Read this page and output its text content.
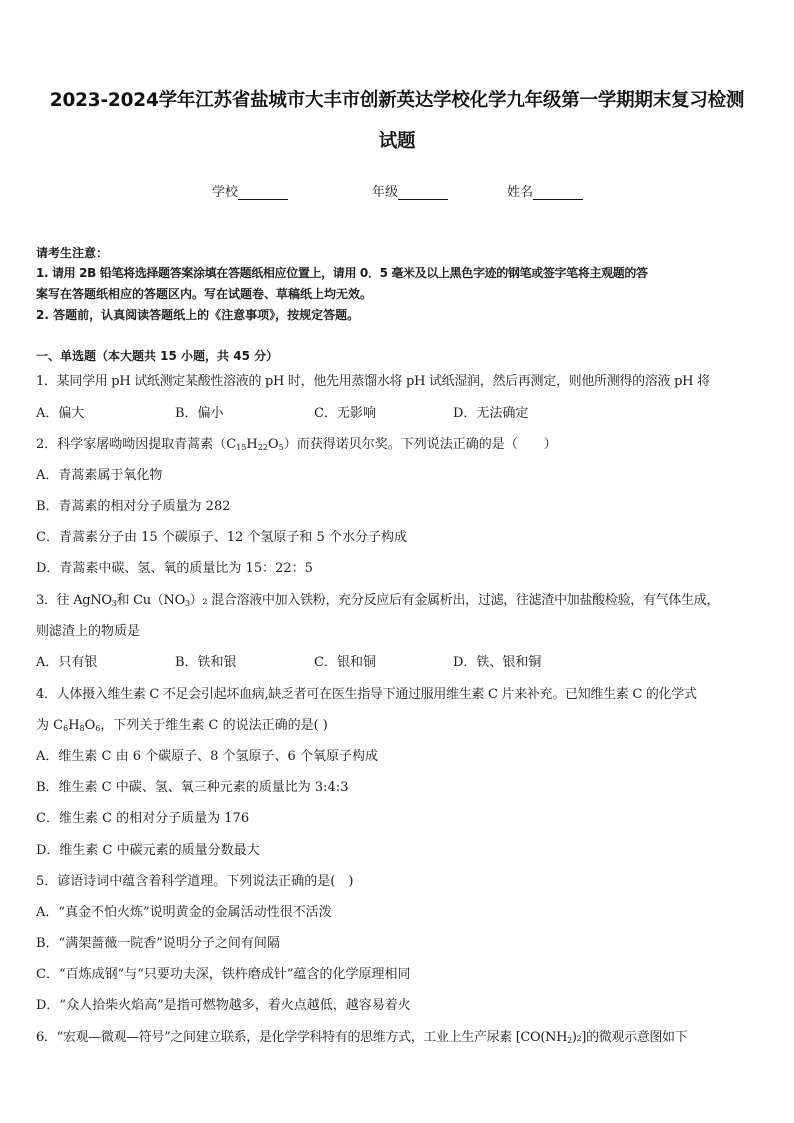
2023-2024学年江苏省盐城市大丰市创新英达学校化学九年级第一学期期末复习检测
试题
学校	年级	姓名
请考生注意：
1. 请用 2B 铅笔将选择题答案涂填在答题纸相应位置上，请用 0．5 毫米及以上黑色字迹的钢笔或签字笔将主观题的答
案写在答题纸相应的答题区内。写在试题卷、草稿纸上均无效。
2. 答题前，认真阅读答题纸上的《注意事项》，按规定答题。
一、单选题（本大题共 15 小题，共 45 分）
1．某同学用 pH 试纸测定某酸性溶液的 pH 时，他先用蒸馏水将 pH 试纸湿润，然后再测定，则他所测得的溶液 pH 将
A．偏大	B．偏小	C．无影响	D．无法确定
2．科学家屠呦呦因提取青蒿素$(C_{15}H_{22}O_5)$而获得诺贝尔奖。下列说法正确的是（　　）
A．青蒿素属于氧化物
B．青蒿素的相对分子质量为 282
C．青蒿素分子由 15 个碳原子、12 个氢原子和 5 个水分子构成
D．青蒿素中碳、氢、氧的质量比为 15：22：5
3．往 AgNO$_3$和 $Cu(NO_3)_2$ 混合溶液中加入铁粉，充分反应后有金属析出，过滤，往滤渣中加盐酸检验，有气体生成，
则滤渣上的物质是
A．只有银	B．铁和银	C．银和铜	D．铁、银和铜
4．人体摄入维生素 C 不足会引起坏血病,缺乏者可在医生指导下通过服用维生素 C 片来补充。已知维生素 C 的化学式
为 $C_6H_8O_6$，下列关于维生素 C 的说法正确的是( )
A．维生素 C 由 6 个碳原子、8 个氢原子、6 个氧原子构成
B．维生素 C 中碳、氢、氧三种元素的质量比为 3:4:3
C．维生素 C 的相对分子质量为 176
D．维生素 C 中碳元素的质量分数最大
5．谚语诗词中蕴含着科学道理。下列说法正确的是(　)
A．“真金不怕火炼”说明黄金的金属活动性很不活泼
B．“满架蔷薇一院香”说明分子之间有间隔
C．“百炼成钢”与“只要功夫深，铁杵磨成针”蕴含的化学原理相同
D．“众人拾柴火焰高”是指可燃物越多，着火点越低，越容易着火
6．“宏观—微观—符号”之间建立联系，是化学学科特有的思维方式，工业上生产尿素 $[CO(NH_2)_2]$的微观示意图如下
